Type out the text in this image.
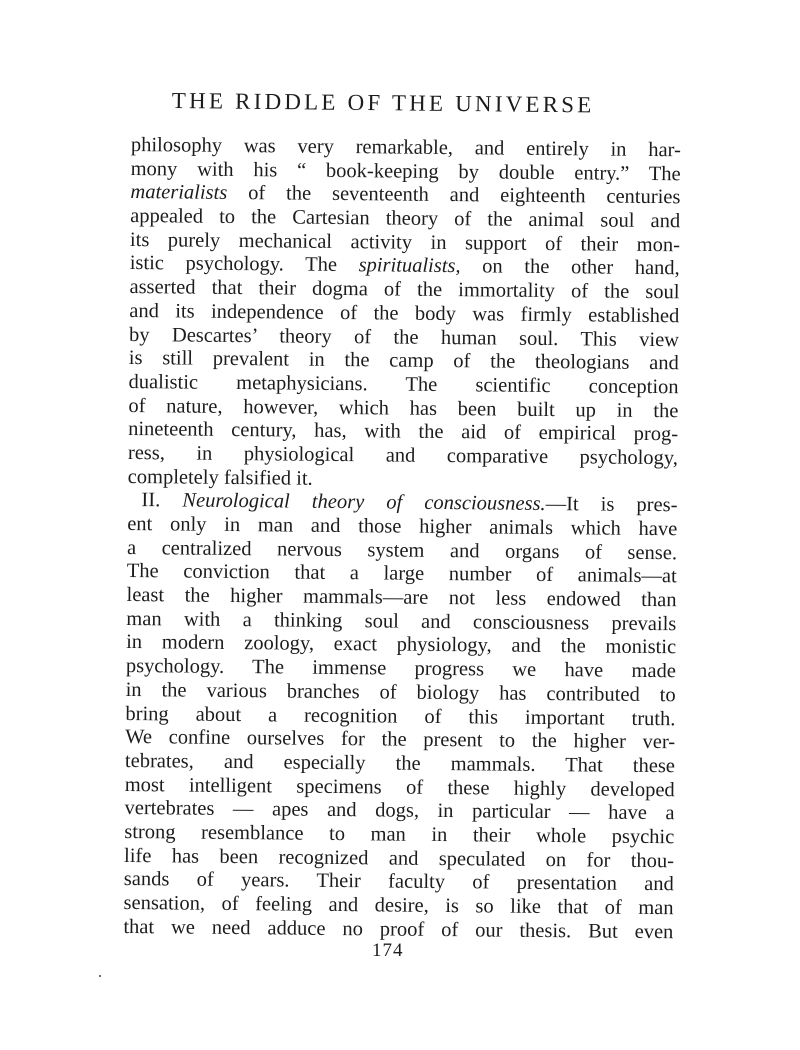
THE RIDDLE OF THE UNIVERSE
philosophy was very remarkable, and entirely in har-
mony with his “ book-keeping by double entry.” The
materialists of the seventeenth and eighteenth centuries
appealed to the Cartesian theory of the animal soul and
its purely mechanical activity in support of their mon-
istic psychology. The spiritualists, on the other hand,
asserted that their dogma of the immortality of the soul
and its independence of the body was firmly established
by Descartes’ theory of the human soul. This view
is still prevalent in the camp of the theologians and
dualistic metaphysicians. The scientific conception
of nature, however, which has been built up in the
nineteenth century, has, with the aid of empirical prog-
ress, in physiological and comparative psychology,
completely falsified it.
II. Neurological theory of consciousness.—It is pres-
ent only in man and those higher animals which have
a centralized nervous system and organs of sense.
The conviction that a large number of animals—at
least the higher mammals—are not less endowed than
man with a thinking soul and consciousness prevails
in modern zoology, exact physiology, and the monistic
psychology. The immense progress we have made
in the various branches of biology has contributed to
bring about a recognition of this important truth.
We confine ourselves for the present to the higher ver-
tebrates, and especially the mammals. That these
most intelligent specimens of these highly developed
vertebrates — apes and dogs, in particular — have a
strong resemblance to man in their whole psychic
life has been recognized and speculated on for thou-
sands of years. Their faculty of presentation and
sensation, of feeling and desire, is so like that of man
that we need adduce no proof of our thesis. But even
174
